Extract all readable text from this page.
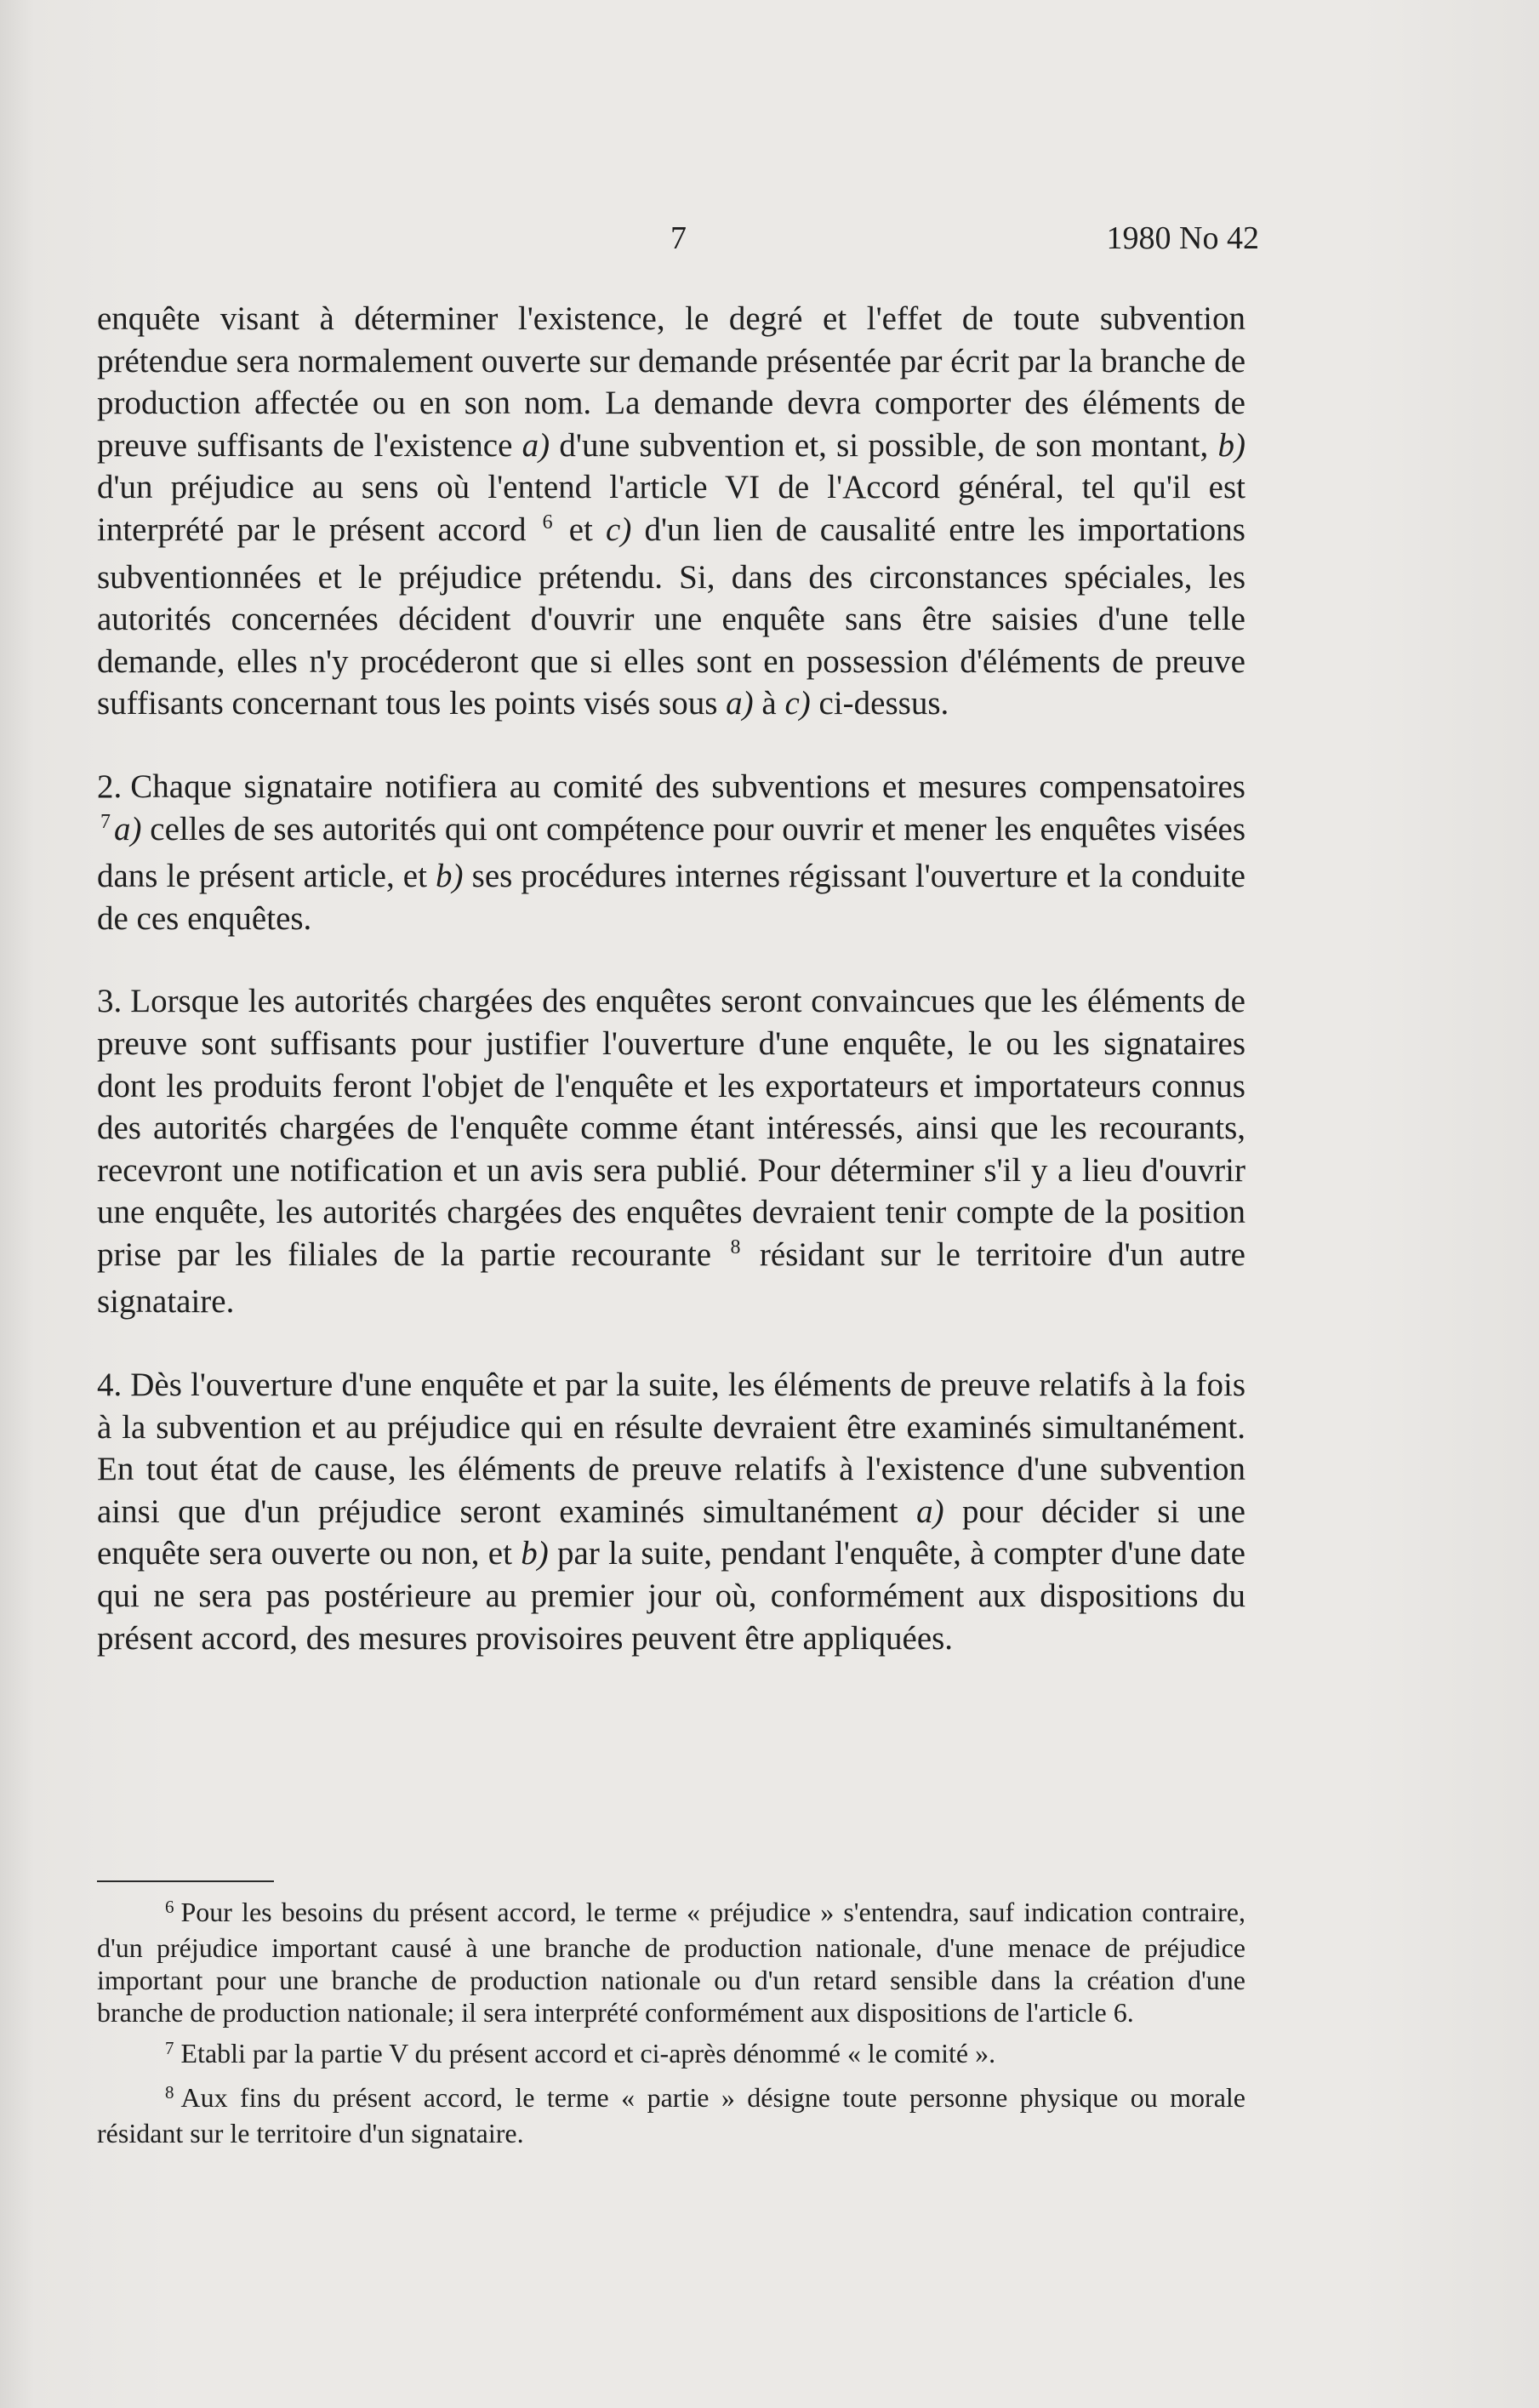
7	1980 No 42

enquête visant à déterminer l'existence, le degré et l'effet de toute subvention prétendue sera normalement ouverte sur demande présentée par écrit par la branche de production affectée ou en son nom. La demande devra comporter des éléments de preuve suffisants de l'existence a) d'une subvention et, si possible, de son montant, b) d'un préjudice au sens où l'entend l'article VI de l'Accord général, tel qu'il est interprété par le présent accord $^6$ et c) d'un lien de causalité entre les importations subventionnées et le préjudice prétendu. Si, dans des circonstances spéciales, les autorités concernées décident d'ouvrir une enquête sans être saisies d'une telle demande, elles n'y procéderont que si elles sont en possession d'éléments de preuve suffisants concernant tous les points visés sous a) à c) ci-dessus.

2. Chaque signataire notifiera au comité des subventions et mesures compensatoires $^7$ a) celles de ses autorités qui ont compétence pour ouvrir et mener les enquêtes visées dans le présent article, et b) ses procédures internes régissant l'ouverture et la conduite de ces enquêtes.

3. Lorsque les autorités chargées des enquêtes seront convaincues que les éléments de preuve sont suffisants pour justifier l'ouverture d'une enquête, le ou les signataires dont les produits feront l'objet de l'enquête et les exportateurs et importateurs connus des autorités chargées de l'enquête comme étant intéressés, ainsi que les recourants, recevront une notification et un avis sera publié. Pour déterminer s'il y a lieu d'ouvrir une enquête, les autorités chargées des enquêtes devraient tenir compte de la position prise par les filiales de la partie recourante $^8$ résidant sur le territoire d'un autre signataire.

4. Dès l'ouverture d'une enquête et par la suite, les éléments de preuve relatifs à la fois à la subvention et au préjudice qui en résulte devraient être examinés simultanément. En tout état de cause, les éléments de preuve relatifs à l'existence d'une subvention ainsi que d'un préjudice seront examinés simultanément a) pour décider si une enquête sera ouverte ou non, et b) par la suite, pendant l'enquête, à compter d'une date qui ne sera pas postérieure au premier jour où, conformément aux dispositions du présent accord, des mesures provisoires peuvent être appliquées.

$^6$ Pour les besoins du présent accord, le terme « préjudice » s'entendra, sauf indication contraire, d'un préjudice important causé à une branche de production nationale, d'une menace de préjudice important pour une branche de production nationale ou d'un retard sensible dans la création d'une branche de production nationale; il sera interprété conformément aux dispositions de l'article 6.

$^7$ Etabli par la partie V du présent accord et ci-après dénommé « le comité ».

$^8$ Aux fins du présent accord, le terme « partie » désigne toute personne physique ou morale résidant sur le territoire d'un signataire.
